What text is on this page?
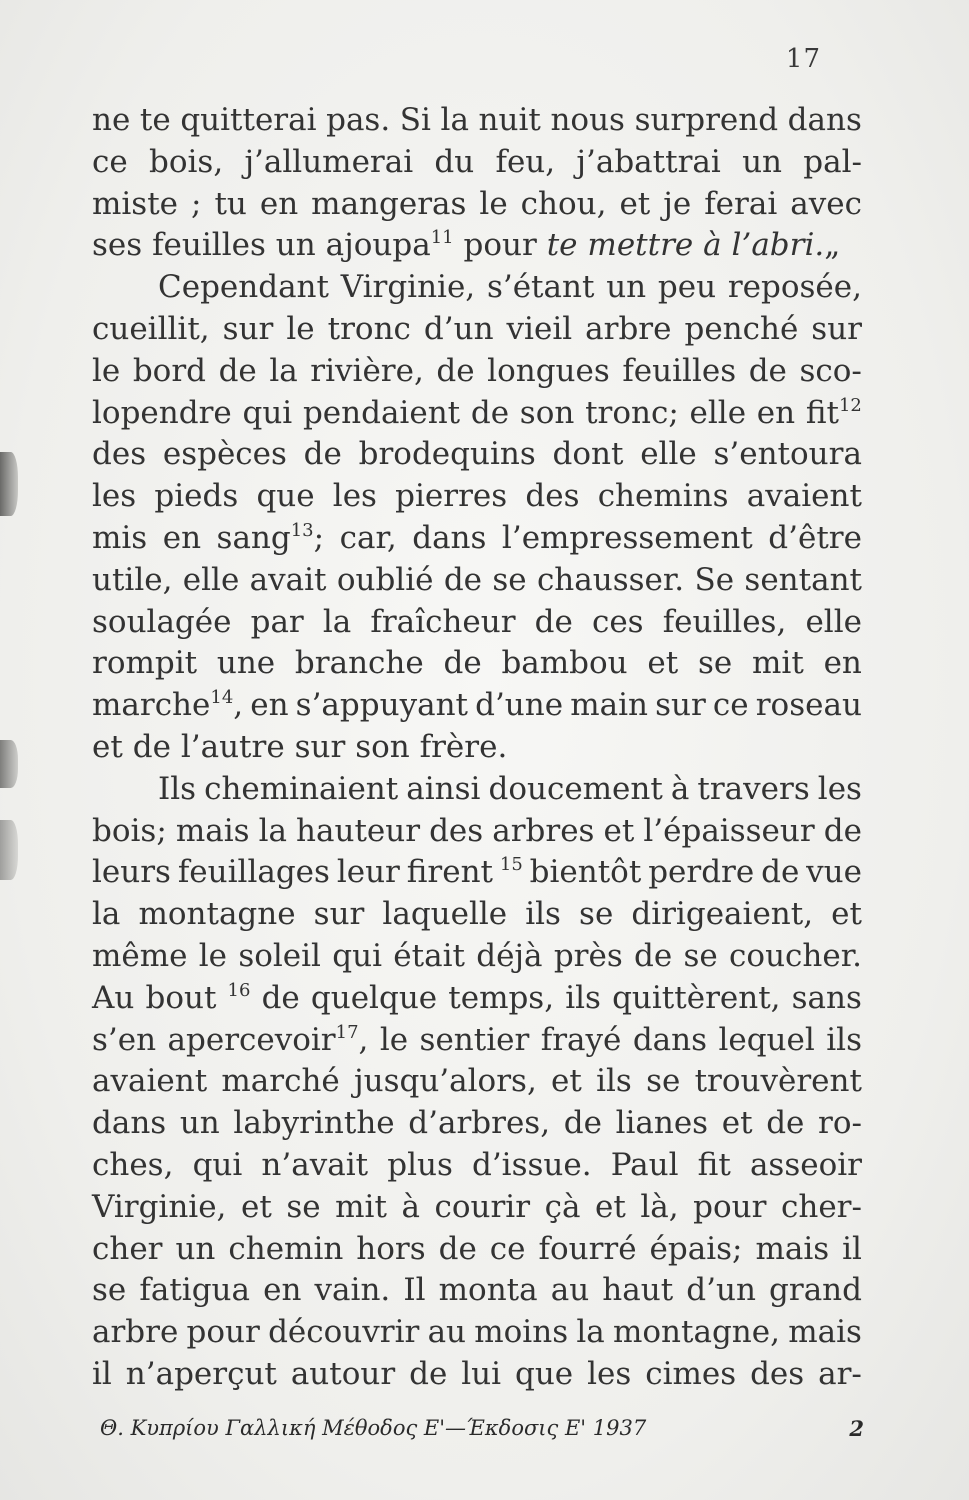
17
ne te quitterai pas. Si la nuit nous surprend dans
ce bois, j’allumerai du feu, j’abattrai un pal-
miste ; tu en mangeras le chou, et je ferai avec
ses feuilles un ajoupa$^{11}$ pour te mettre à l’abri.„
Cependant Virginie, s’étant un peu reposée,
cueillit, sur le tronc d’un vieil arbre penché sur
le bord de la rivière, de longues feuilles de sco-
lopendre qui pendaient de son tronc; elle en fit$^{12}$
des espèces de brodequins dont elle s’entoura
les pieds que les pierres des chemins avaient
mis en sang$^{13}$; car, dans l’empressement d’être
utile, elle avait oublié de se chausser. Se sentant
soulagée par la fraîcheur de ces feuilles, elle
rompit une branche de bambou et se mit en
marche$^{14}$, en s’appuyant d’une main sur ce roseau
et de l’autre sur son frère.
Ils cheminaient ainsi doucement à travers les
bois; mais la hauteur des arbres et l’épaisseur de
leurs feuillages leur firent $^{15}$ bientôt perdre de vue
la montagne sur laquelle ils se dirigeaient, et
même le soleil qui était déjà près de se coucher.
Au bout $^{16}$ de quelque temps, ils quittèrent, sans
s’en apercevoir$^{17}$, le sentier frayé dans lequel ils
avaient marché jusqu’alors, et ils se trouvèrent
dans un labyrinthe d’arbres, de lianes et de ro-
ches, qui n’avait plus d’issue. Paul fit asseoir
Virginie, et se mit à courir çà et là, pour cher-
cher un chemin hors de ce fourré épais; mais il
se fatigua en vain. Il monta au haut d’un grand
arbre pour découvrir au moins la montagne, mais
il n’aperçut autour de lui que les cimes des ar-
Θ. Κυπρίου Γαλλική Μέθοδος Ε'—Έκδοσις Ε' 1937	2
